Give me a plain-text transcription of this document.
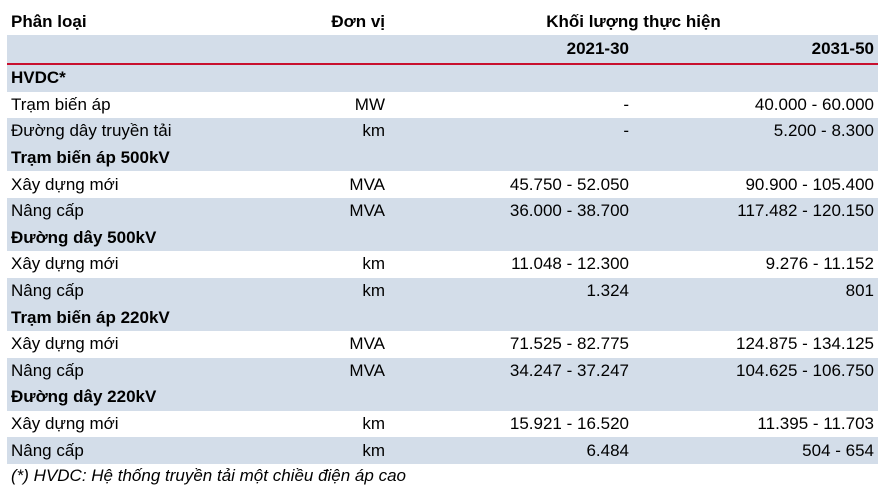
Phân loại	Đơn vị	Khối lượng thực hiện	
		2021-30	2031-50
HVDC*			
Trạm biến áp	MW	-	40.000 - 60.000
Đường dây truyền tải	km	-	5.200 - 8.300
Trạm biến áp 500kV			
Xây dựng mới	MVA	45.750 - 52.050	90.900 - 105.400
Nâng cấp	MVA	36.000 - 38.700	117.482 - 120.150
Đường dây 500kV			
Xây dựng mới	km	11.048 - 12.300	9.276 - 11.152
Nâng cấp	km	1.324	801
Trạm biến áp 220kV			
Xây dựng mới	MVA	71.525 - 82.775	124.875 - 134.125
Nâng cấp	MVA	34.247 - 37.247	104.625 - 106.750
Đường dây 220kV			
Xây dựng mới	km	15.921 - 16.520	11.395 - 11.703
Nâng cấp	km	6.484	504 - 654
(*) HVDC: Hệ thống truyền tải một chiều điện áp cao
